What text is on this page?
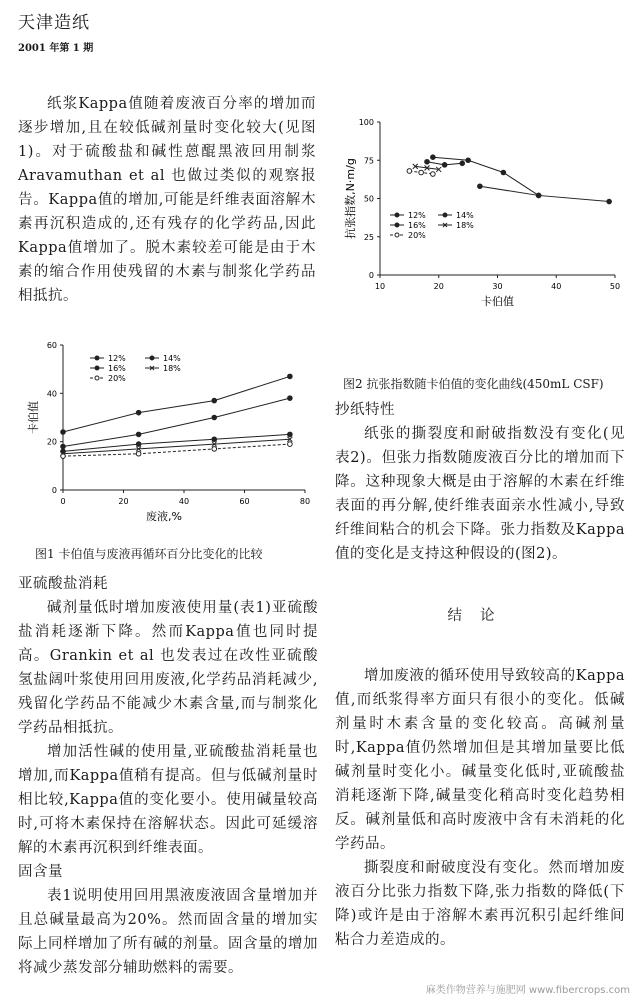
天津造纸
2001 年第 1 期

纸浆Kappa值随着废液百分率的增加而逐步增加,且在较低碱剂量时变化较大(见图1)。对于硫酸盐和碱性蒽醌黑液回用制浆Aravamuthan et al 也做过类似的观察报告。Kappa值的增加,可能是纤维表面溶解木素再沉积造成的,还有残存的化学药品,因此Kappa值增加了。脱木素较差可能是由于木素的缩合作用使残留的木素与制浆化学药品相抵抗。

0	20	40	60	80
0
20
40
60
废液,%
卡伯值
12%	14%
16%	18%
20%
图1 卡伯值与废液再循环百分比变化的比较

亚硫酸盐消耗

碱剂量低时增加废液使用量(表1)亚硫酸盐消耗逐渐下降。然而Kappa值也同时提高。Grankin et al 也发表过在改性亚硫酸氢盐阔叶浆使用回用废液,化学药品消耗减少,残留化学药品不能减少木素含量,而与制浆化学药品相抵抗。

增加活性碱的使用量,亚硫酸盐消耗量也增加,而Kappa值稍有提高。但与低碱剂量时相比较,Kappa值的变化要小。使用碱量较高时,可将木素保持在溶解状态。因此可延缓溶解的木素再沉积到纤维表面。

固含量

表1说明使用回用黑液废液固含量增加并且总碱量最高为20%。然而固含量的增加实际上同样增加了所有碱的剂量。固含量的增加将减少蒸发部分辅助燃料的需要。

10	20	30	40	50
0
25
50
75
100
卡伯值
抗张指数,N·m/g	12%	14%
16%	18%
20%
图2 抗张指数随卡伯值的变化曲线(450mL CSF)

抄纸特性

纸张的撕裂度和耐破指数没有变化(见表2)。但张力指数随废液百分比的增加而下降。这种现象大概是由于溶解的木素在纤维表面的再分解,使纤维表面亲水性减小,导致纤维间粘合的机会下降。张力指数及Kappa值的变化是支持这种假设的(图2)。

结论

增加废液的循环使用导致较高的Kappa值,而纸浆得率方面只有很小的变化。低碱剂量时木素含量的变化较高。高碱剂量时,Kappa值仍然增加但是其增加量要比低碱剂量时变化小。碱量变化低时,亚硫酸盐消耗逐渐下降,碱量变化稍高时变化趋势相反。碱剂量低和高时废液中含有未消耗的化学药品。

撕裂度和耐破度没有变化。然而增加废液百分比张力指数下降,张力指数的降低(下降)或许是由于溶解木素再沉积引起纤维间粘合力差造成的。

麻类作物营养与施肥网 www.fibercrops.com
